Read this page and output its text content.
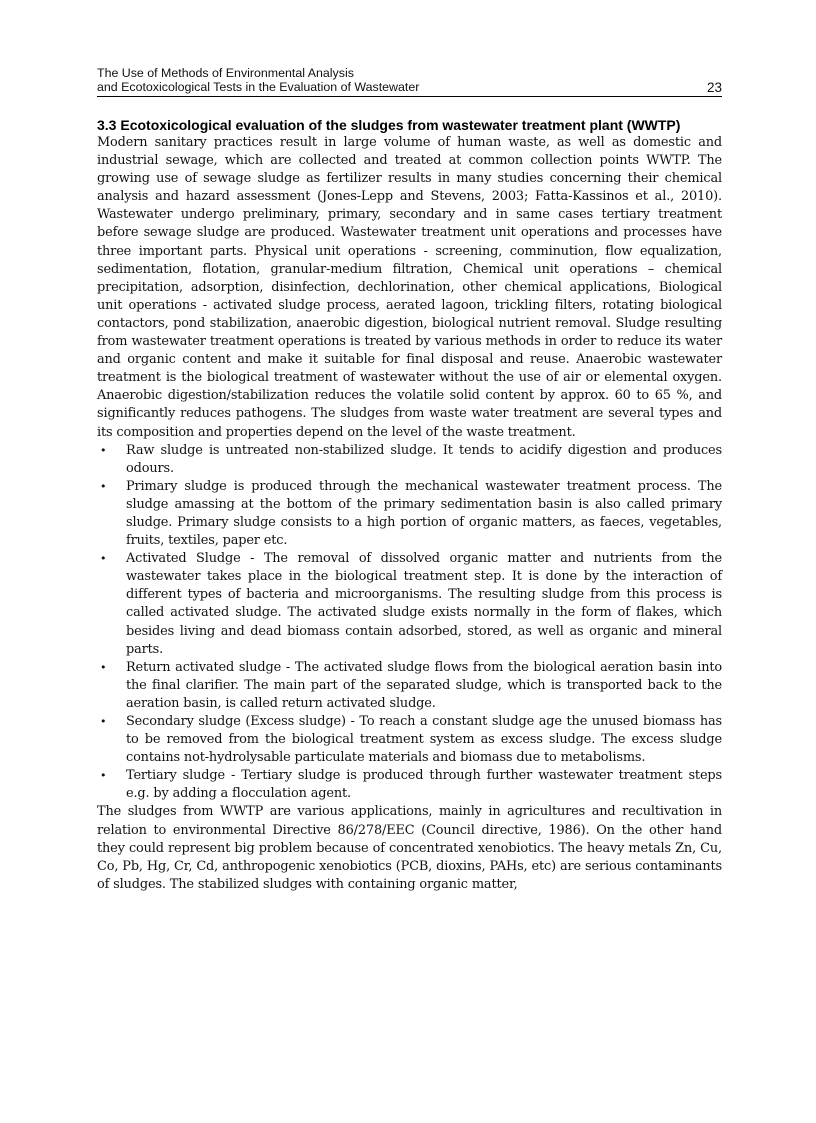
The Use of Methods of Environmental Analysis
and Ecotoxicological Tests in the Evaluation of Wastewater	23
3.3 Ecotoxicological evaluation of the sludges from wastewater treatment plant (WWTP)

Modern sanitary practices result in large volume of human waste, as well as domestic and industrial sewage, which are collected and treated at common collection points WWTP. The growing use of sewage sludge as fertilizer results in many studies concerning their chemical analysis and hazard assessment (Jones-Lepp and Stevens, 2003; Fatta-Kassinos et al., 2010). Wastewater undergo preliminary, primary, secondary and in same cases tertiary treatment before sewage sludge are produced. Wastewater treatment unit operations and processes have three important parts. Physical unit operations - screening, comminution, flow equalization, sedimentation, flotation, granular-medium filtration, Chemical unit operations – chemical precipitation, adsorption, disinfection, dechlorination, other chemical applications, Biological unit operations - activated sludge process, aerated lagoon, trickling filters, rotating biological contactors, pond stabilization, anaerobic digestion, biological nutrient removal. Sludge resulting from wastewater treatment operations is treated by various methods in order to reduce its water and organic content and make it suitable for final disposal and reuse. Anaerobic wastewater treatment is the biological treatment of wastewater without the use of air or elemental oxygen. Anaerobic digestion/stabilization reduces the volatile solid content by approx. 60 to 65 %, and significantly reduces pathogens. The sludges from waste water treatment are several types and its composition and properties depend on the level of the waste treatment.

• Raw sludge is untreated non-stabilized sludge. It tends to acidify digestion and produces odours.
• Primary sludge is produced through the mechanical wastewater treatment process. The sludge amassing at the bottom of the primary sedimentation basin is also called primary sludge. Primary sludge consists to a high portion of organic matters, as faeces, vegetables, fruits, textiles, paper etc.
• Activated Sludge - The removal of dissolved organic matter and nutrients from the wastewater takes place in the biological treatment step. It is done by the interaction of different types of bacteria and microorganisms. The resulting sludge from this process is called activated sludge. The activated sludge exists normally in the form of flakes, which besides living and dead biomass contain adsorbed, stored, as well as organic and mineral parts.
• Return activated sludge - The activated sludge flows from the biological aeration basin into the final clarifier. The main part of the separated sludge, which is transported back to the aeration basin, is called return activated sludge.
• Secondary sludge (Excess sludge) - To reach a constant sludge age the unused biomass has to be removed from the biological treatment system as excess sludge. The excess sludge contains not-hydrolysable particulate materials and biomass due to metabolisms.
• Tertiary sludge - Tertiary sludge is produced through further wastewater treatment steps e.g. by adding a flocculation agent.

The sludges from WWTP are various applications, mainly in agricultures and recultivation in relation to environmental Directive 86/278/EEC (Council directive, 1986). On the other hand they could represent big problem because of concentrated xenobiotics. The heavy metals Zn, Cu, Co, Pb, Hg, Cr, Cd, anthropogenic xenobiotics (PCB, dioxins, PAHs, etc) are serious contaminants of sludges. The stabilized sludges with containing organic matter,
